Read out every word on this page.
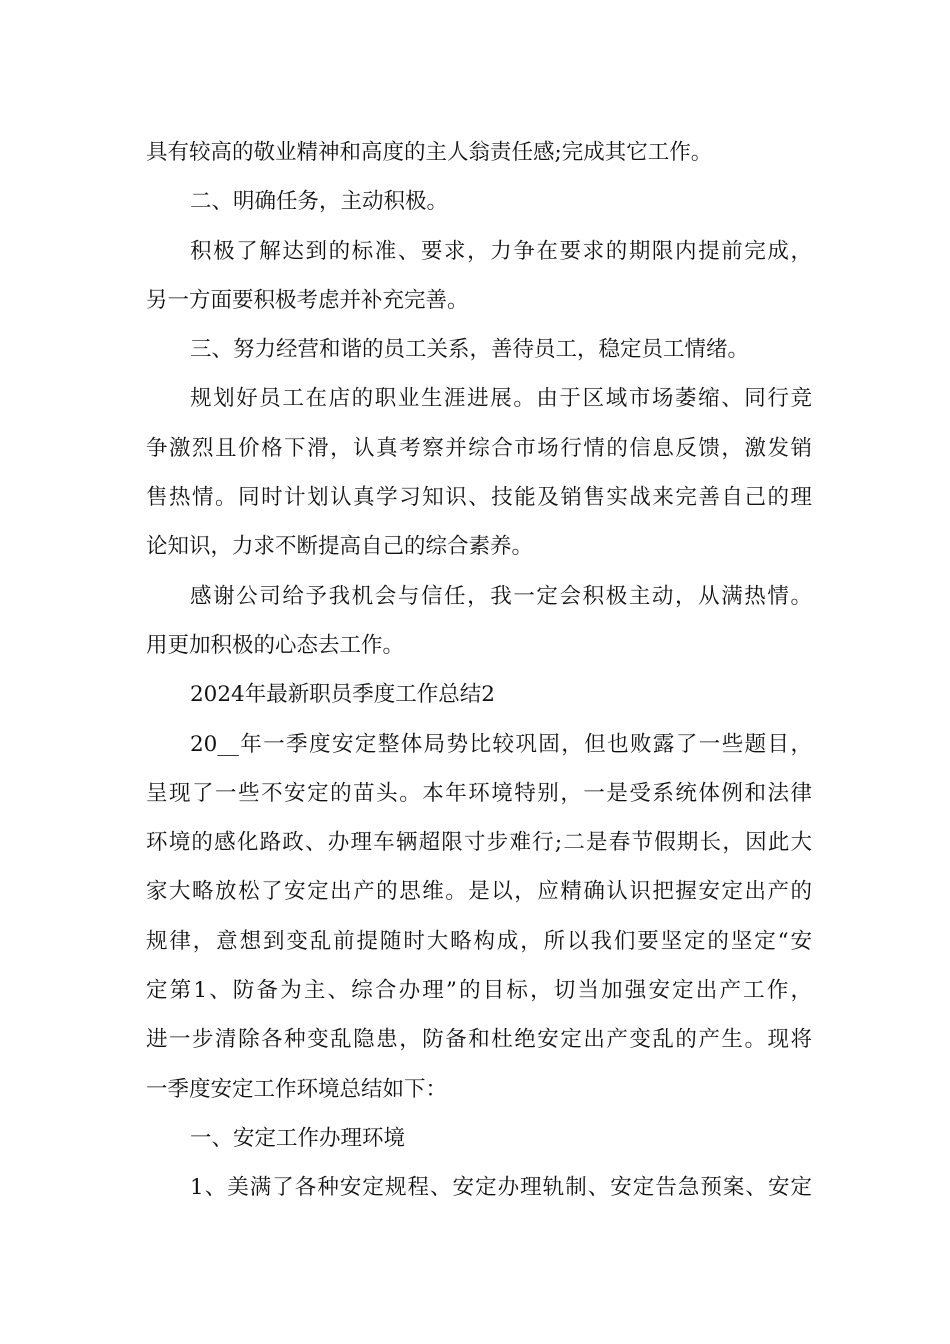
具有较高的敬业精神和高度的主人翁责任感;完成其它工作。
二、明确任务，主动积极。
积极了解达到的标准、要求，力争在要求的期限内提前完成，
另一方面要积极考虑并补充完善。
三、努力经营和谐的员工关系，善待员工，稳定员工情绪。
规划好员工在店的职业生涯进展。由于区域市场萎缩、同行竞
争激烈且价格下滑，认真考察并综合市场行情的信息反馈，激发销
售热情。同时计划认真学习知识、技能及销售实战来完善自己的理
论知识，力求不断提高自己的综合素养。
感谢公司给予我机会与信任，我一定会积极主动，从满热情。
用更加积极的心态去工作。
2024年最新职员季度工作总结2
20__年一季度安定整体局势比较巩固，但也败露了一些题目，
呈现了一些不安定的苗头。本年环境特别，一是受系统体例和法律
环境的感化路政、办理车辆超限寸步难行;二是春节假期长，因此大
家大略放松了安定出产的思维。是以，应精确认识把握安定出产的
规律，意想到变乱前提随时大略构成，所以我们要坚定的坚定“安
定第1、防备为主、综合办理”的目标，切当加强安定出产工作，
进一步清除各种变乱隐患，防备和杜绝安定出产变乱的产生。现将
一季度安定工作环境总结如下：
一、安定工作办理环境
1、美满了各种安定规程、安定办理轨制、安定告急预案、安定
